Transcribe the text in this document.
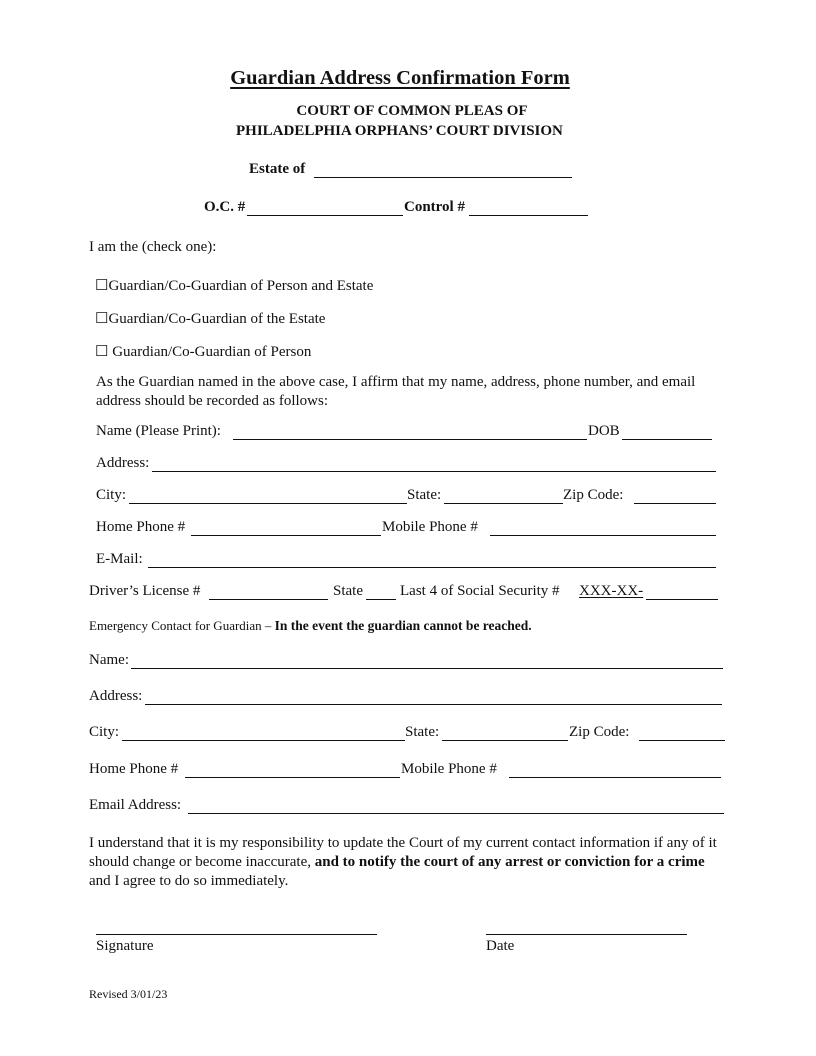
Guardian Address Confirmation Form
COURT OF COMMON PLEAS OF
PHILADELPHIA ORPHANS’ COURT DIVISION
Estate of
O.C. #	Control #
I am the (check one):
☐Guardian/Co-Guardian of Person and Estate
☐Guardian/Co-Guardian of the Estate
☐ Guardian/Co-Guardian of Person
As the Guardian named in the above case, I affirm that my name, address, phone number, and email address should be recorded as follows:
Name (Please Print):	DOB
Address:
City:	State:	Zip Code:
Home Phone #	Mobile Phone #
E-Mail:
Driver’s License #	State Last 4 of Social Security # XXX-XX-
Emergency Contact for Guardian – In the event the guardian cannot be reached.
Name:
Address:
City:	State:	Zip Code:
Home Phone #	Mobile Phone #
Email Address:
I understand that it is my responsibility to update the Court of my current contact information if any of it should change or become inaccurate, and to notify the court of any arrest or conviction for a crime and I agree to do so immediately.
Signature	Date
Revised 3/01/23
